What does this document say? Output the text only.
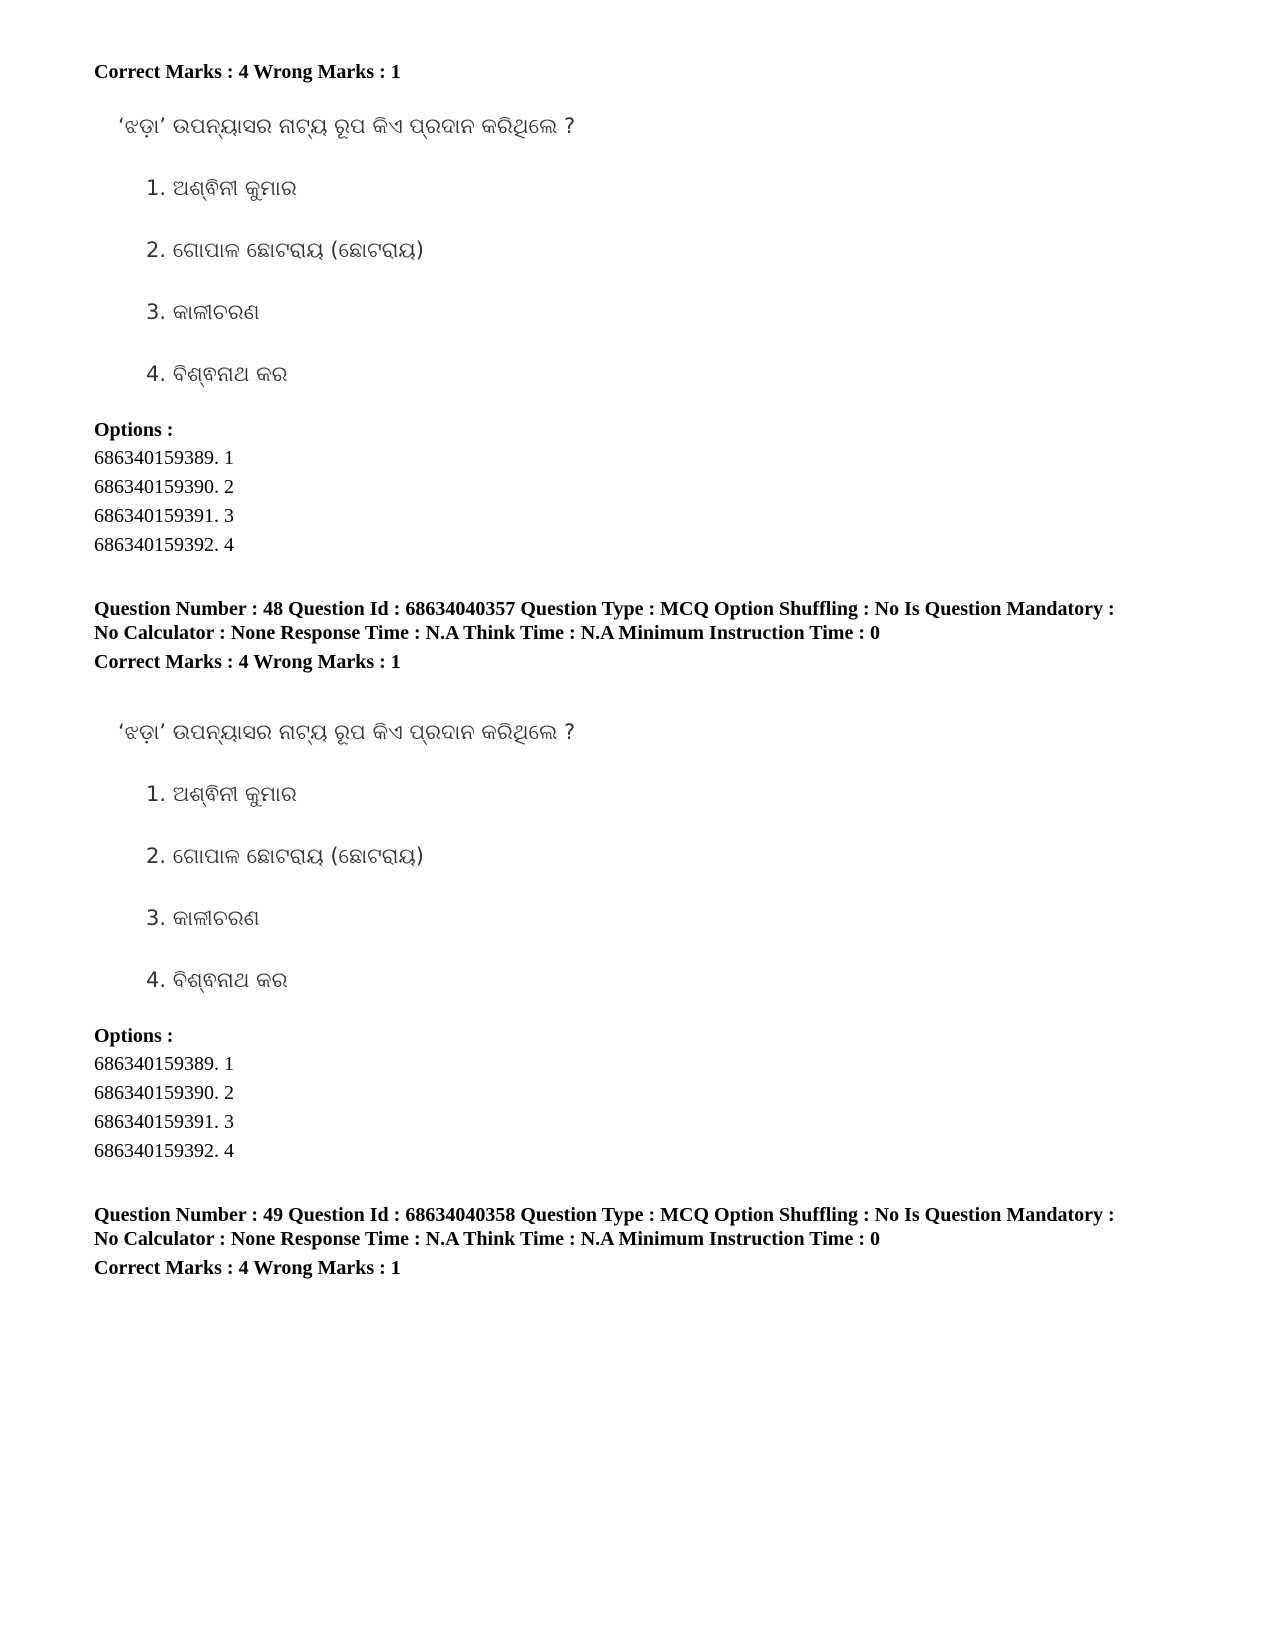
Correct Marks : 4 Wrong Marks : 1
‘ଝଡ଼ା’ ଉପନ୍ୟାସର ନାଟ୍ୟ ରୂପ କିଏ ପ୍ରଦାନ କରିଥିଲେ ?
1. ଅଶ୍ଵିନୀ କୁମାର
2. ଗୋପାଳ ଛୋଟରାୟ (ଛୋଟରାୟ)
3. କାଳୀଚରଣ
4. ବିଶ୍ଵନାଥ କର
Options :
686340159389. 1
686340159390. 2
686340159391. 3
686340159392. 4
Question Number : 48 Question Id : 68634040357 Question Type : MCQ Option Shuffling : No Is Question Mandatory :
No Calculator : None Response Time : N.A Think Time : N.A Minimum Instruction Time : 0
Correct Marks : 4 Wrong Marks : 1
‘ଝଡ଼ା’ ଉପନ୍ୟାସର ନାଟ୍ୟ ରୂପ କିଏ ପ୍ରଦାନ କରିଥିଲେ ?
1. ଅଶ୍ଵିନୀ କୁମାର
2. ଗୋପାଳ ଛୋଟରାୟ (ଛୋଟରାୟ)
3. କାଳୀଚରଣ
4. ବିଶ୍ଵନାଥ କର
Options :
686340159389. 1
686340159390. 2
686340159391. 3
686340159392. 4
Question Number : 49 Question Id : 68634040358 Question Type : MCQ Option Shuffling : No Is Question Mandatory :
No Calculator : None Response Time : N.A Think Time : N.A Minimum Instruction Time : 0
Correct Marks : 4 Wrong Marks : 1
